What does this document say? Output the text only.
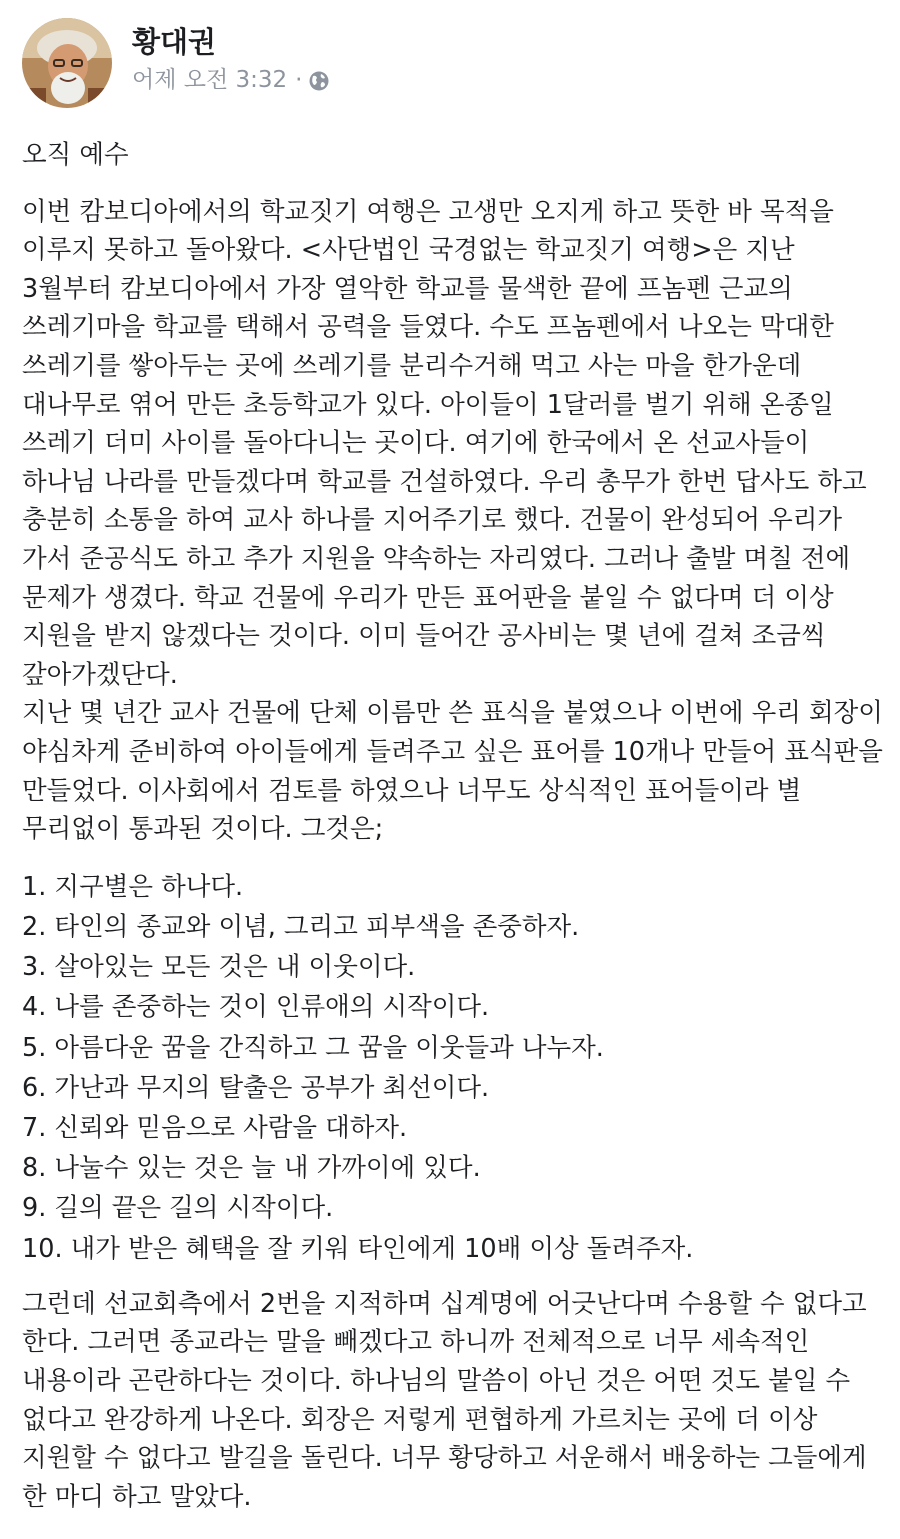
황대권
어제 오전 3:32 ·

오직 예수

이번 캄보디아에서의 학교짓기 여행은 고생만 오지게 하고 뜻한 바 목적을 이루지 못하고 돌아왔다. <사단법인 국경없는 학교짓기 여행>은 지난 3월부터 캄보디아에서 가장 열악한 학교를 물색한 끝에 프놈펜 근교의 쓰레기마을 학교를 택해서 공력을 들였다. 수도 프놈펜에서 나오는 막대한 쓰레기를 쌓아두는 곳에 쓰레기를 분리수거해 먹고 사는 마을 한가운데 대나무로 엮어 만든 초등학교가 있다. 아이들이 1달러를 벌기 위해 온종일 쓰레기 더미 사이를 돌아다니는 곳이다. 여기에 한국에서 온 선교사들이 하나님 나라를 만들겠다며 학교를 건설하였다. 우리 총무가 한번 답사도 하고 충분히 소통을 하여 교사 하나를 지어주기로 했다. 건물이 완성되어 우리가 가서 준공식도 하고 추가 지원을 약속하는 자리였다. 그러나 출발 며칠 전에 문제가 생겼다. 학교 건물에 우리가 만든 표어판을 붙일 수 없다며 더 이상 지원을 받지 않겠다는 것이다. 이미 들어간 공사비는 몇 년에 걸쳐 조금씩 갚아가겠단다.

지난 몇 년간 교사 건물에 단체 이름만 쓴 표식을 붙였으나 이번에 우리 회장이 야심차게 준비하여 아이들에게 들려주고 싶은 표어를 10개나 만들어 표식판을 만들었다. 이사회에서 검토를 하였으나 너무도 상식적인 표어들이라 별 무리없이 통과된 것이다. 그것은;

1. 지구별은 하나다.
2. 타인의 종교와 이념, 그리고 피부색을 존중하자.
3. 살아있는 모든 것은 내 이웃이다.
4. 나를 존중하는 것이 인류애의 시작이다.
5. 아름다운 꿈을 간직하고 그 꿈을 이웃들과 나누자.
6. 가난과 무지의 탈출은 공부가 최선이다.
7. 신뢰와 믿음으로 사람을 대하자.
8. 나눌수 있는 것은 늘 내 가까이에 있다.
9. 길의 끝은 길의 시작이다.
10. 내가 받은 혜택을 잘 키워 타인에게 10배 이상 돌려주자.

그런데 선교회측에서 2번을 지적하며 십계명에 어긋난다며 수용할 수 없다고 한다. 그러면 종교라는 말을 빼겠다고 하니까 전체적으로 너무 세속적인 내용이라 곤란하다는 것이다. 하나님의 말씀이 아닌 것은 어떤 것도 붙일 수 없다고 완강하게 나온다. 회장은 저렇게 편협하게 가르치는 곳에 더 이상 지원할 수 없다고 발길을 돌린다. 너무 황당하고 서운해서 배웅하는 그들에게 한 마디 하고 말았다.
